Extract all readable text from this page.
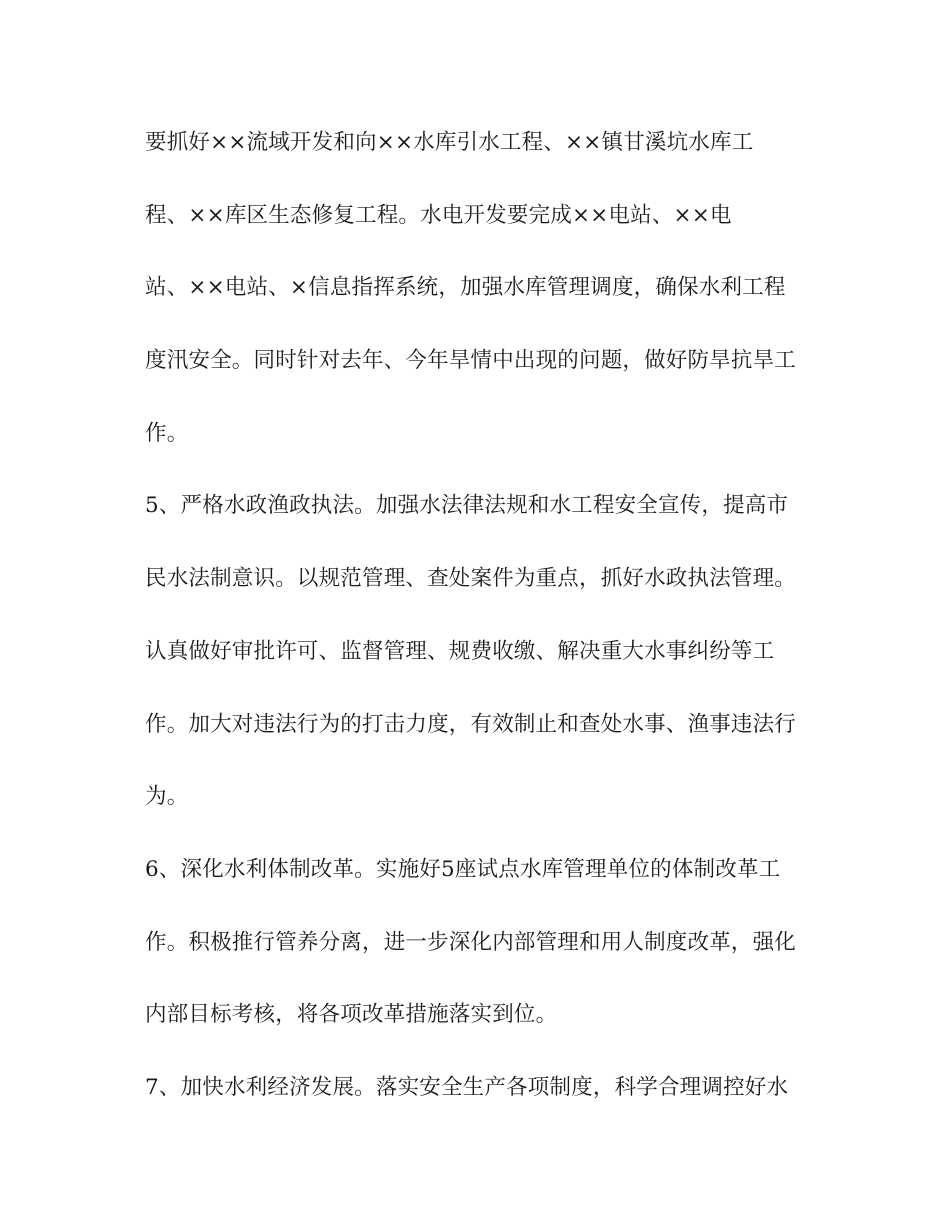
要抓好××流域开发和向××水库引水工程、××镇甘溪坑水库工
程、××库区生态修复工程。水电开发要完成××电站、××电
站、××电站、×信息指挥系统，加强水库管理调度，确保水利工程
度汛安全。同时针对去年、今年旱情中出现的问题，做好防旱抗旱工
作。
5、严格水政渔政执法。加强水法律法规和水工程安全宣传，提高市
民水法制意识。以规范管理、查处案件为重点，抓好水政执法管理。
认真做好审批许可、监督管理、规费收缴、解决重大水事纠纷等工
作。加大对违法行为的打击力度，有效制止和查处水事、渔事违法行
为。
6、深化水利体制改革。实施好5座试点水库管理单位的体制改革工
作。积极推行管养分离，进一步深化内部管理和用人制度改革，强化
内部目标考核，将各项改革措施落实到位。
7、加快水利经济发展。落实安全生产各项制度，科学合理调控好水
